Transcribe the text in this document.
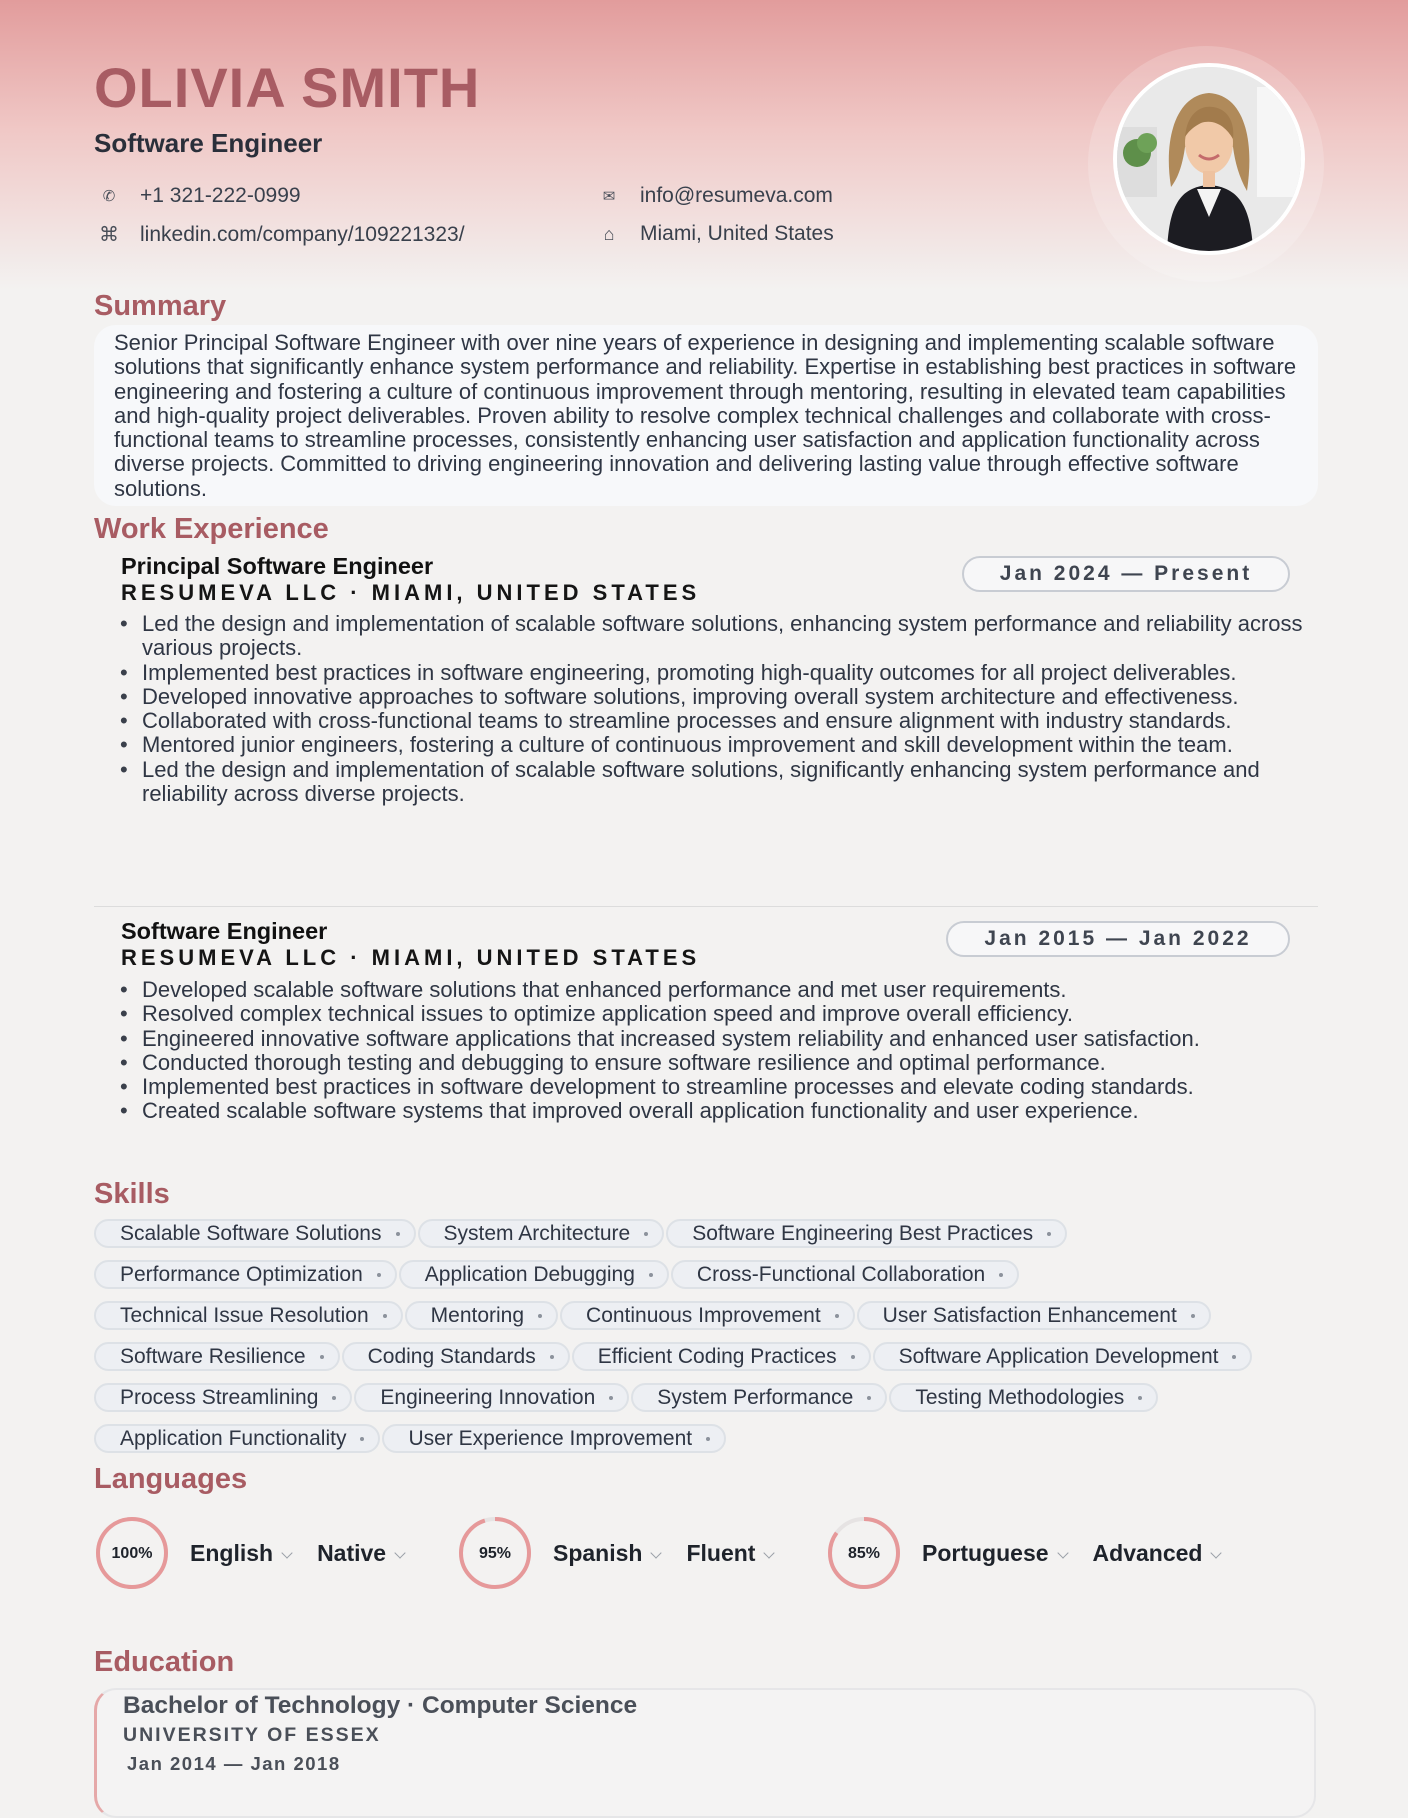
OLIVIA SMITH
Software Engineer
✆	+1 321-222-0999	✉	info@resumeva.com
⌘ linkedin.com/company/109221323/	⌂	Miami, United States
Summary
Senior Principal Software Engineer with over nine years of experience in designing and implementing scalable software solutions that significantly enhance system performance and reliability. Expertise in establishing best practices in software engineering and fostering a culture of continuous improvement through mentoring, resulting in elevated team capabilities and high-quality project deliverables. Proven ability to resolve complex technical challenges and collaborate with cross-functional teams to streamline processes, consistently enhancing user satisfaction and application functionality across diverse projects. Committed to driving engineering innovation and delivering lasting value through effective software solutions.
Work Experience
Principal Software Engineer
RESUMEVA LLC · MIAMI, UNITED STATES
Jan 2024 — Present
• Led the design and implementation of scalable software solutions, enhancing system performance and reliability across various projects.
• Implemented best practices in software engineering, promoting high-quality outcomes for all project deliverables.
• Developed innovative approaches to software solutions, improving overall system architecture and effectiveness.
• Collaborated with cross-functional teams to streamline processes and ensure alignment with industry standards.
• Mentored junior engineers, fostering a culture of continuous improvement and skill development within the team.
• Led the design and implementation of scalable software solutions, significantly enhancing system performance and reliability across diverse projects.
Software Engineer
RESUMEVA LLC · MIAMI, UNITED STATES
Jan 2015 — Jan 2022
• Developed scalable software solutions that enhanced performance and met user requirements.
• Resolved complex technical issues to optimize application speed and improve overall efficiency.
• Engineered innovative software applications that increased system reliability and enhanced user satisfaction.
• Conducted thorough testing and debugging to ensure software resilience and optimal performance.
• Implemented best practices in software development to streamline processes and elevate coding standards.
• Created scalable software systems that improved overall application functionality and user experience.
Skills
Scalable Software Solutions	System Architecture	Software Engineering Best Practices
Performance Optimization	Application Debugging	Cross-Functional Collaboration
Technical Issue Resolution	Mentoring	Continuous Improvement	User Satisfaction Enhancement
Software Resilience	Coding Standards	Efficient Coding Practices	Software Application Development
Process Streamlining	Engineering Innovation	System Performance	Testing Methodologies
Application Functionality	User Experience Improvement
Languages
100% English	Native	95% Spanish	Fluent	85% Portuguese	Advanced
Education
Bachelor of Technology · Computer Science
UNIVERSITY OF ESSEX
Jan 2014 — Jan 2018
